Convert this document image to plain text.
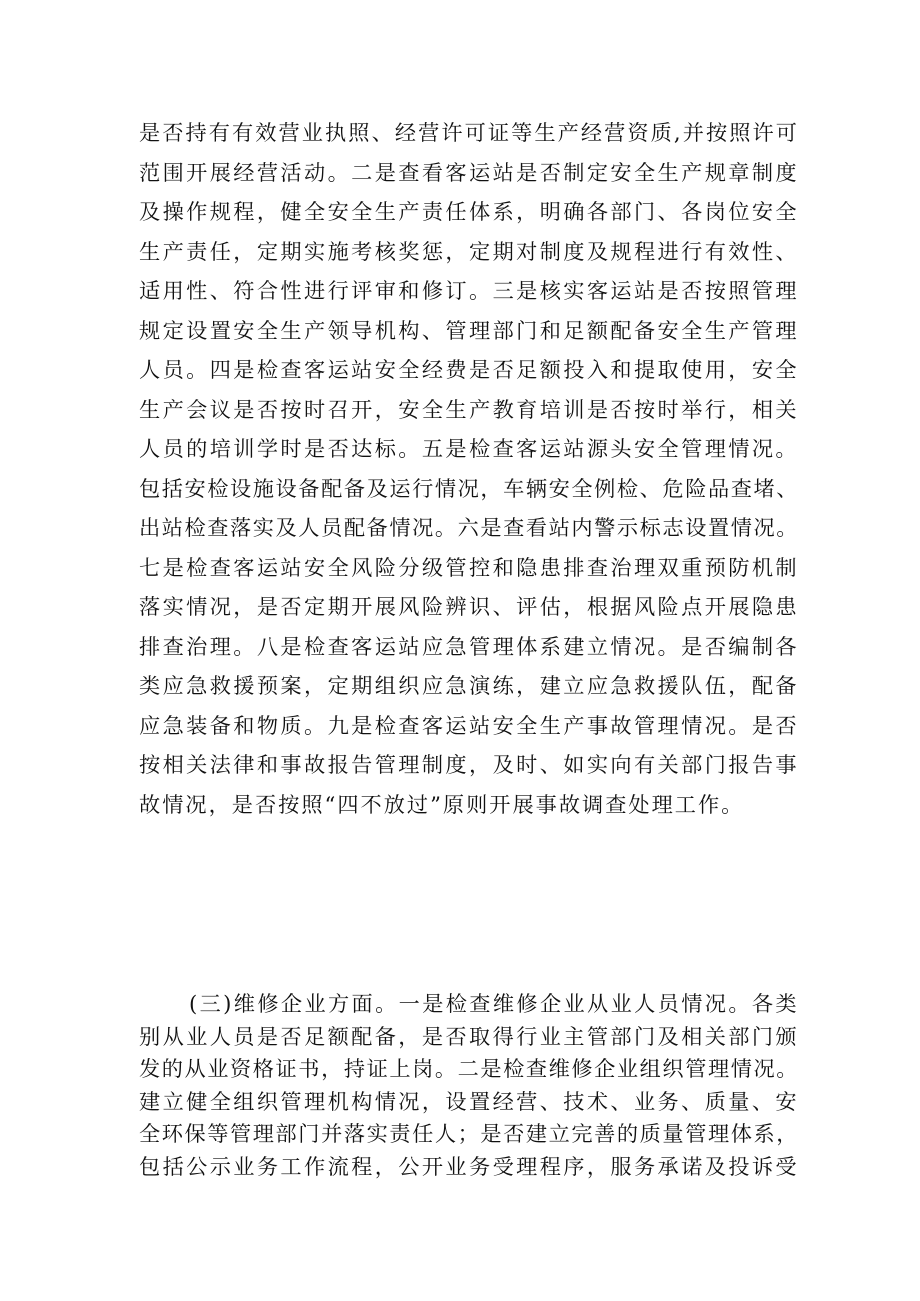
是否持有有效营业执照、经营许可证等生产经营资质,并按照许可
范围开展经营活动。二是查看客运站是否制定安全生产规章制度
及操作规程，健全安全生产责任体系，明确各部门、各岗位安全
生产责任，定期实施考核奖惩，定期对制度及规程进行有效性、
适用性、符合性进行评审和修订。三是核实客运站是否按照管理
规定设置安全生产领导机构、管理部门和足额配备安全生产管理
人员。四是检查客运站安全经费是否足额投入和提取使用，安全
生产会议是否按时召开，安全生产教育培训是否按时举行，相关
人员的培训学时是否达标。五是检查客运站源头安全管理情况。
包括安检设施设备配备及运行情况，车辆安全例检、危险品查堵、
出站检查落实及人员配备情况。六是查看站内警示标志设置情况。
七是检查客运站安全风险分级管控和隐患排查治理双重预防机制
落实情况，是否定期开展风险辨识、评估，根据风险点开展隐患
排查治理。八是检查客运站应急管理体系建立情况。是否编制各
类应急救援预案，定期组织应急演练，建立应急救援队伍，配备
应急装备和物质。九是检查客运站安全生产事故管理情况。是否
按相关法律和事故报告管理制度，及时、如实向有关部门报告事
故情况，是否按照“四不放过”原则开展事故调查处理工作。
(三)维修企业方面。一是检查维修企业从业人员情况。各类
别从业人员是否足额配备，是否取得行业主管部门及相关部门颁
发的从业资格证书，持证上岗。二是检查维修企业组织管理情况。
建立健全组织管理机构情况，设置经营、技术、业务、质量、安
全环保等管理部门并落实责任人；是否建立完善的质量管理体系，
包括公示业务工作流程，公开业务受理程序，服务承诺及投诉受
